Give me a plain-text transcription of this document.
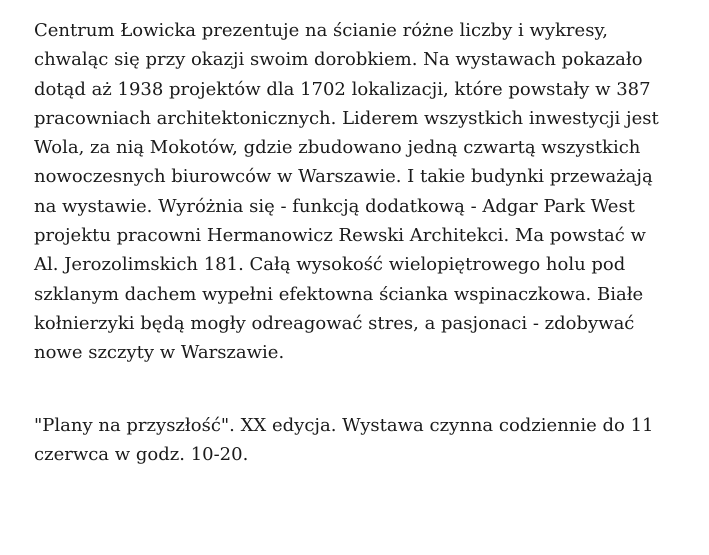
Centrum Łowicka prezentuje na ścianie różne liczby i wykresy,
chwaląc się przy okazji swoim dorobkiem. Na wystawach pokazało
dotąd aż 1938 projektów dla 1702 lokalizacji, które powstały w 387
pracowniach architektonicznych. Liderem wszystkich inwestycji jest
Wola, za nią Mokotów, gdzie zbudowano jedną czwartą wszystkich
nowoczesnych biurowców w Warszawie. I takie budynki przeważają
na wystawie. Wyróżnia się - funkcją dodatkową - Adgar Park West
projektu pracowni Hermanowicz Rewski Architekci. Ma powstać w
Al. Jerozolimskich 181. Całą wysokość wielopiętrowego holu pod
szklanym dachem wypełni efektowna ścianka wspinaczkowa. Białe
kołnierzyki będą mogły odreagować stres, a pasjonaci - zdobywać
nowe szczyty w Warszawie.
"Plany na przyszłość". XX edycja. Wystawa czynna codziennie do 11
czerwca w godz. 10-20.
